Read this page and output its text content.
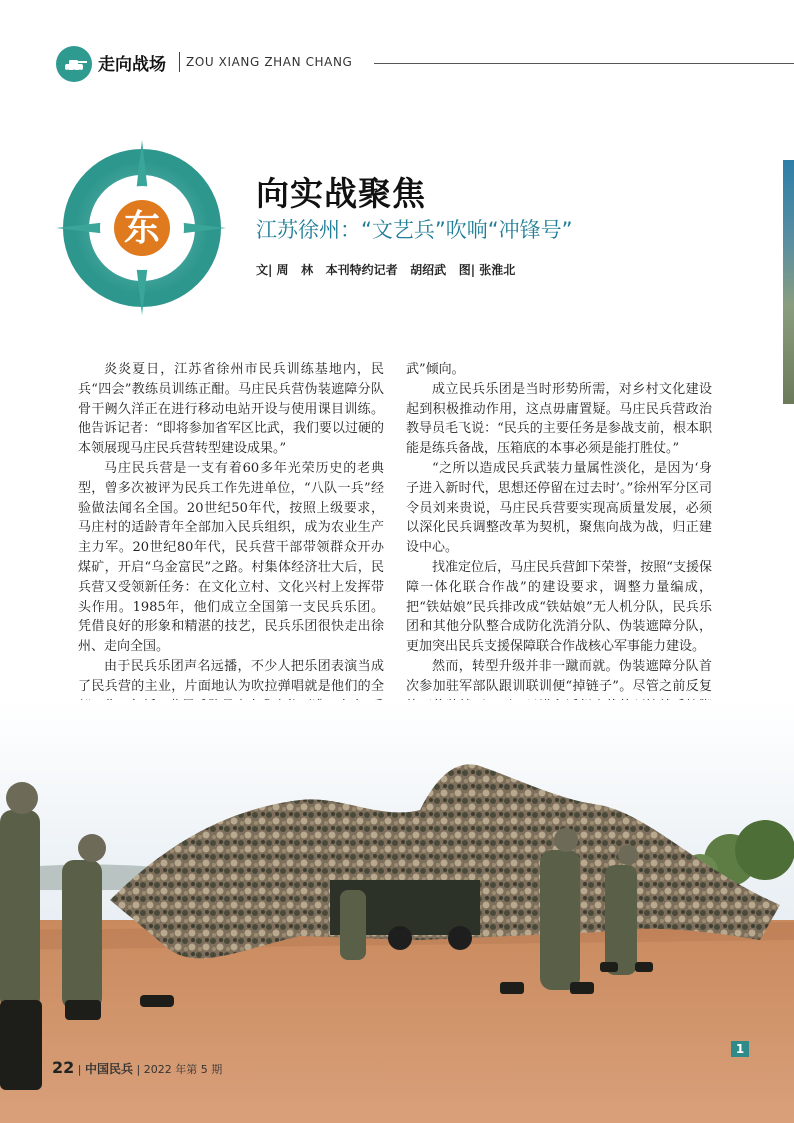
走向战场 ZOU XIANG ZHAN CHANG
东
向实战聚焦
江苏徐州：“文艺兵”吹响“冲锋号”
文| 周   林   本刊特约记者   胡绍武   图| 张淮北

炎炎夏日，江苏省徐州市民兵训练基地内，民兵“四会”教练员训练正酣。马庄民兵营伪装遮障分队骨干阙久洋正在进行移动电站开设与使用课目训练。他告诉记者：“即将参加省军区比武，我们要以过硬的本领展现马庄民兵营转型建设成果。”

马庄民兵营是一支有着60多年光荣历史的老典型，曾多次被评为民兵工作先进单位，“八队一兵”经验做法闻名全国。20世纪50年代，按照上级要求，马庄村的适龄青年全部加入民兵组织，成为农业生产主力军。20世纪80年代，民兵营干部带领群众开办煤矿，开启“乌金富民”之路。村集体经济壮大后，民兵营又受领新任务：在文化立村、文化兴村上发挥带头作用。1985年，他们成立全国第一支民兵乐团。凭借良好的形象和精湛的技艺，民兵乐团很快走出徐州、走向全国。

由于民兵乐团声名远播，不少人把乐团表演当成了民兵营的主业，片面地认为吹拉弹唱就是他们的全

武”倾向。

成立民兵乐团是当时形势所需，对乡村文化建设起到积极推动作用，这点毋庸置疑。马庄民兵营政治教导员毛飞说：“民兵的主要任务是参战支前，根本职能是练兵备战，压箱底的本事必须是能打胜仗。”

“之所以造成民兵武装力量属性淡化，是因为‘身子进入新时代，思想还停留在过去时’。”徐州军分区司令员刘来贵说，马庄民兵营要实现高质量发展，必须以深化民兵调整改革为契机，聚焦向战为战，归正建设中心。

找准定位后，马庄民兵营卸下荣誉，按照“支援保障一体化联合作战”的建设要求，调整力量编成，把“铁姑娘”民兵排改成“铁姑娘”无人机分队，民兵乐团和其他分队整合成防化洗消分队、伪装遮障分队，更加突出民兵支援保障联合作战核心军事能力建设。

然而，转型升级并非一蹴而就。伪装遮障分队首次参加驻军部队跟训联训便“掉链子”。尽管之前反复

22 | 中国民兵 | 2022 年第 5 期
1
